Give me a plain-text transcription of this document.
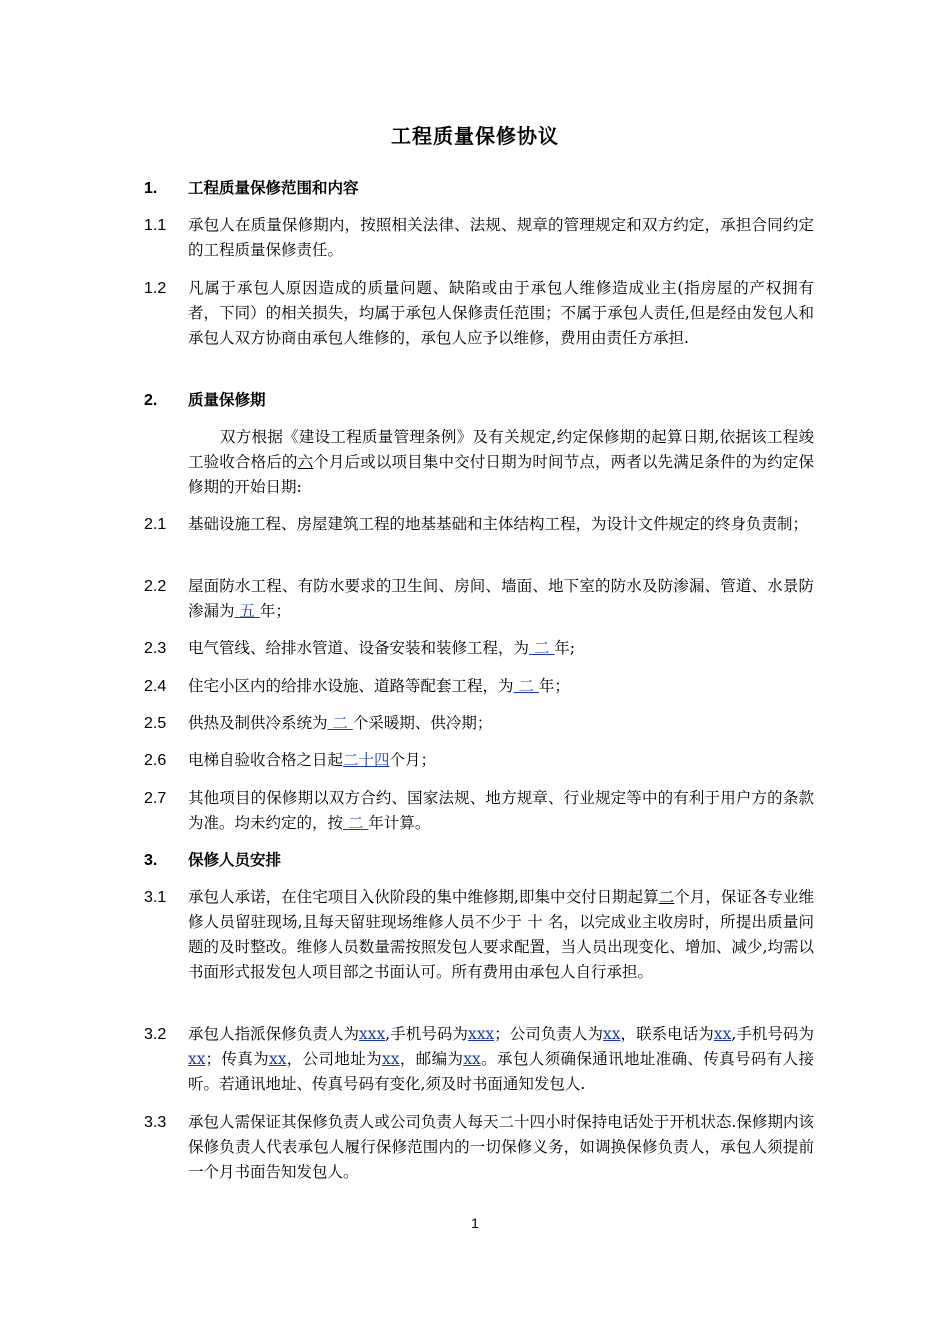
工程质量保修协议
1.	工程质量保修范围和内容
1.1	承包人在质量保修期内，按照相关法律、法规、规章的管理规定和双方约定，承担合同约定的工程质量保修责任。
1.2	凡属于承包人原因造成的质量问题、缺陷或由于承包人维修造成业主(指房屋的产权拥有者，下同）的相关损失，均属于承包人保修责任范围；不属于承包人责任,但是经由发包人和承包人双方协商由承包人维修的，承包人应予以维修，费用由责任方承担.
2.	质量保修期
双方根据《建设工程质量管理条例》及有关规定,约定保修期的起算日期,依据该工程竣工验收合格后的六个月后或以项目集中交付日期为时间节点，两者以先满足条件的为约定保修期的开始日期:
2.1	基础设施工程、房屋建筑工程的地基基础和主体结构工程，为设计文件规定的终身负责制；
2.2	屋面防水工程、有防水要求的卫生间、房间、墙面、地下室的防水及防渗漏、管道、水景防渗漏为 五 年；
2.3	电气管线、给排水管道、设备安装和装修工程，为 二 年;
2.4	住宅小区内的给排水设施、道路等配套工程，为 二 年；
2.5	供热及制供冷系统为 二 个采暖期、供冷期；
2.6	电梯自验收合格之日起二十四个月；
2.7	其他项目的保修期以双方合约、国家法规、地方规章、行业规定等中的有利于用户方的条款为准。均未约定的，按 二 年计算。
3.	保修人员安排
3.1	承包人承诺，在住宅项目入伙阶段的集中维修期,即集中交付日期起算二个月，保证各专业维修人员留驻现场,且每天留驻现场维修人员不少于 十 名，以完成业主收房时，所提出质量问题的及时整改。维修人员数量需按照发包人要求配置，当人员出现变化、增加、减少,均需以书面形式报发包人项目部之书面认可。所有费用由承包人自行承担。
3.2	承包人指派保修负责人为xxx,手机号码为xxx；公司负责人为xx，联系电话为xx,手机号码为xx；传真为xx，公司地址为xx，邮编为xx。承包人须确保通讯地址准确、传真号码有人接听。若通讯地址、传真号码有变化,须及时书面通知发包人.
3.3	承包人需保证其保修负责人或公司负责人每天二十四小时保持电话处于开机状态.保修期内该保修负责人代表承包人履行保修范围内的一切保修义务，如调换保修负责人，承包人须提前一个月书面告知发包人。
1
